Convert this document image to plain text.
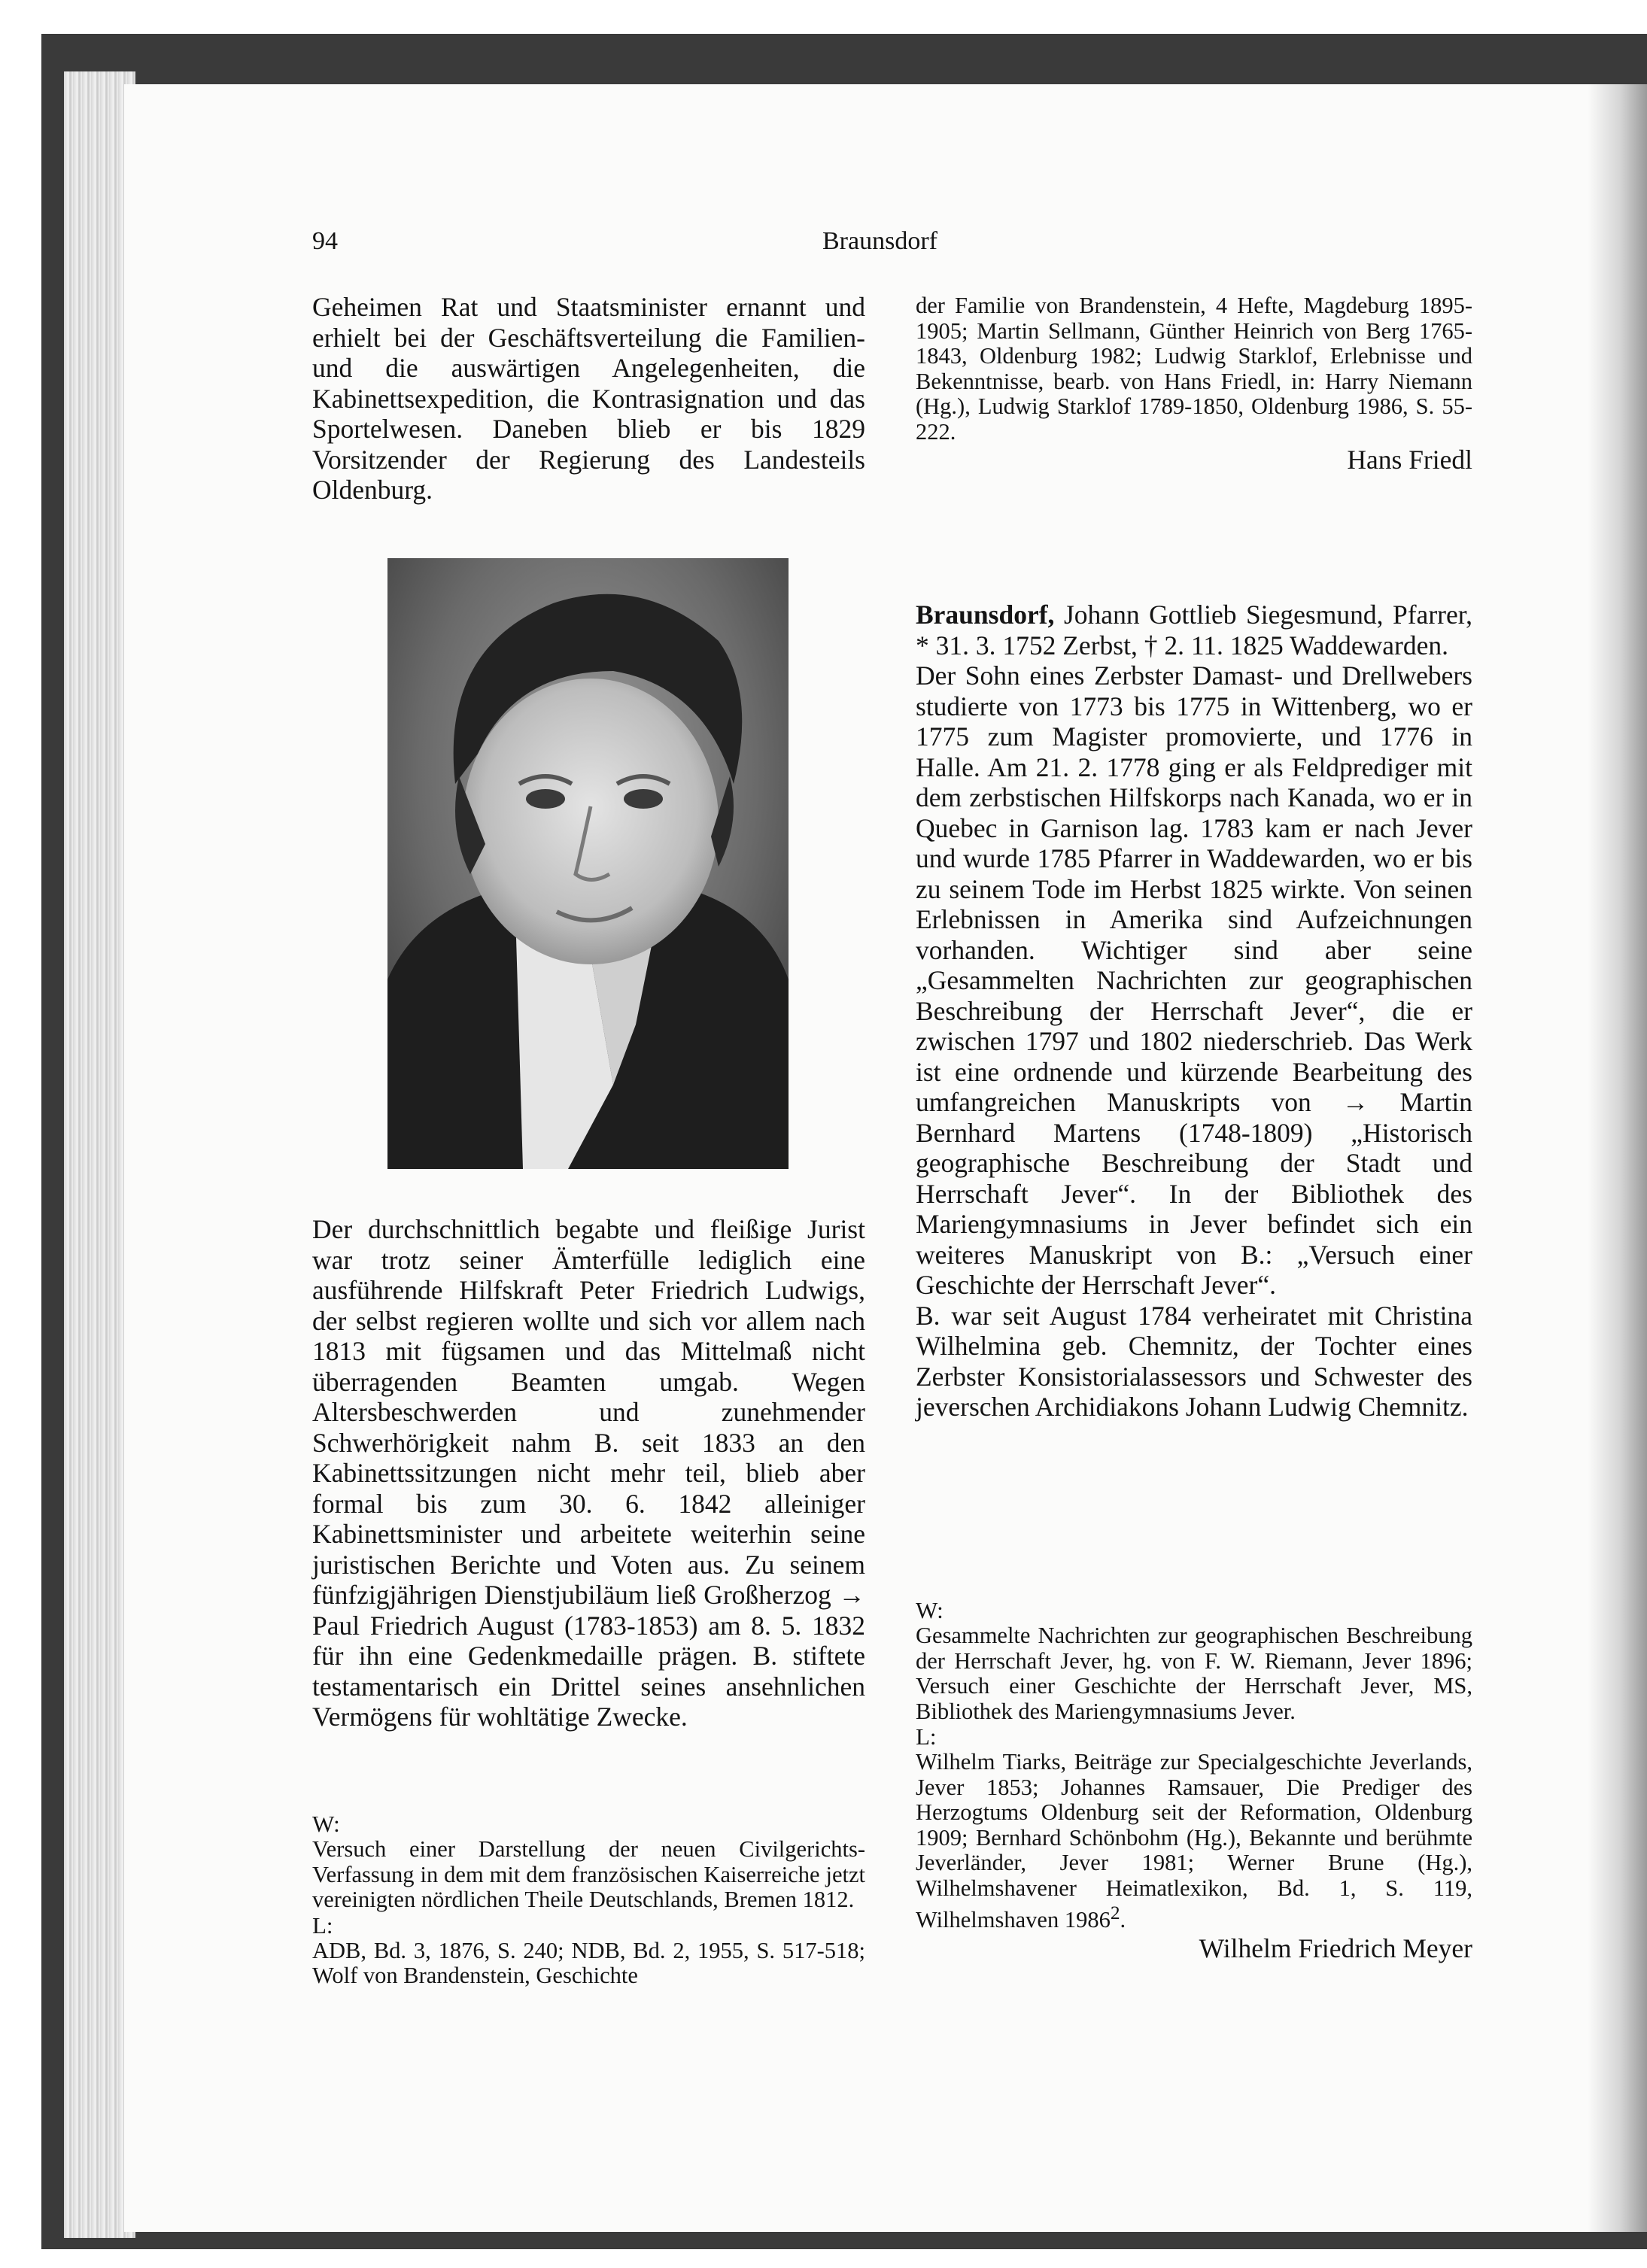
94	Braunsdorf

Geheimen Rat und Staatsminister ernannt und erhielt bei der Geschäftsverteilung die Familien- und die auswärtigen Angelegenheiten, die Kabinettsexpedition, die Kontrasignation und das Sportelwesen. Daneben blieb er bis 1829 Vorsitzender der Regierung des Landesteils Oldenburg.

Der durchschnittlich begabte und fleißige Jurist war trotz seiner Ämterfülle lediglich eine ausführende Hilfskraft Peter Friedrich Ludwigs, der selbst regieren wollte und sich vor allem nach 1813 mit fügsamen und das Mittelmaß nicht überragenden Beamten umgab. Wegen Altersbeschwerden und zunehmender Schwerhörigkeit nahm B. seit 1833 an den Kabinettssitzungen nicht mehr teil, blieb aber formal bis zum 30. 6. 1842 alleiniger Kabinettsminister und arbeitete weiterhin seine juristischen Berichte und Voten aus. Zu seinem fünfzigjährigen Dienstjubiläum ließ Großherzog → Paul Friedrich August (1783-1853) am 8. 5. 1832 für ihn eine Gedenkmedaille prägen. B. stiftete testamentarisch ein Drittel seines ansehnlichen Vermögens für wohltätige Zwecke.

W:

Versuch einer Darstellung der neuen Civilgerichts-Verfassung in dem mit dem französischen Kaiserreiche jetzt vereinigten nördlichen Theile Deutschlands, Bremen 1812.

L:

ADB, Bd. 3, 1876, S. 240; NDB, Bd. 2, 1955, S. 517-518; Wolf von Brandenstein, Geschichte

der Familie von Brandenstein, 4 Hefte, Magdeburg 1895-1905; Martin Sellmann, Günther Heinrich von Berg 1765-1843, Oldenburg 1982; Ludwig Starklof, Erlebnisse und Bekenntnisse, bearb. von Hans Friedl, in: Harry Niemann (Hg.), Ludwig Starklof 1789-1850, Oldenburg 1986, S. 55-222.

Hans Friedl

Braunsdorf, Johann Gottlieb Siegesmund, Pfarrer, * 31. 3. 1752 Zerbst, † 2. 11. 1825 Waddewarden.

Der Sohn eines Zerbster Damast- und Drellwebers studierte von 1773 bis 1775 in Wittenberg, wo er 1775 zum Magister promovierte, und 1776 in Halle. Am 21. 2. 1778 ging er als Feldprediger mit dem zerbstischen Hilfskorps nach Kanada, wo er in Quebec in Garnison lag. 1783 kam er nach Jever und wurde 1785 Pfarrer in Waddewarden, wo er bis zu seinem Tode im Herbst 1825 wirkte. Von seinen Erlebnissen in Amerika sind Aufzeichnungen vorhanden. Wichtiger sind aber seine „Gesammelten Nachrichten zur geographischen Beschreibung der Herrschaft Jever“, die er zwischen 1797 und 1802 niederschrieb. Das Werk ist eine ordnende und kürzende Bearbeitung des umfangreichen Manuskripts von → Martin Bernhard Martens (1748-1809) „Historisch geographische Beschreibung der Stadt und Herrschaft Jever“. In der Bibliothek des Mariengymnasiums in Jever befindet sich ein weiteres Manuskript von B.: „Versuch einer Geschichte der Herrschaft Jever“.

B. war seit August 1784 verheiratet mit Christina Wilhelmina geb. Chemnitz, der Tochter eines Zerbster Konsistorialassessors und Schwester des jeverschen Archidiakons Johann Ludwig Chemnitz.

W:

Gesammelte Nachrichten zur geographischen Beschreibung der Herrschaft Jever, hg. von F. W. Riemann, Jever 1896; Versuch einer Geschichte der Herrschaft Jever, MS, Bibliothek des Mariengymnasiums Jever.

L:

Wilhelm Tiarks, Beiträge zur Specialgeschichte Jeverlands, Jever 1853; Johannes Ramsauer, Die Prediger des Herzogtums Oldenburg seit der Reformation, Oldenburg 1909; Bernhard Schönbohm (Hg.), Bekannte und berühmte Jeverländer, Jever 1981; Werner Brune (Hg.), Wilhelmshavener Heimatlexikon, Bd. 1, S. 119, Wilhelmshaven 1986$^2$.

Wilhelm Friedrich Meyer
